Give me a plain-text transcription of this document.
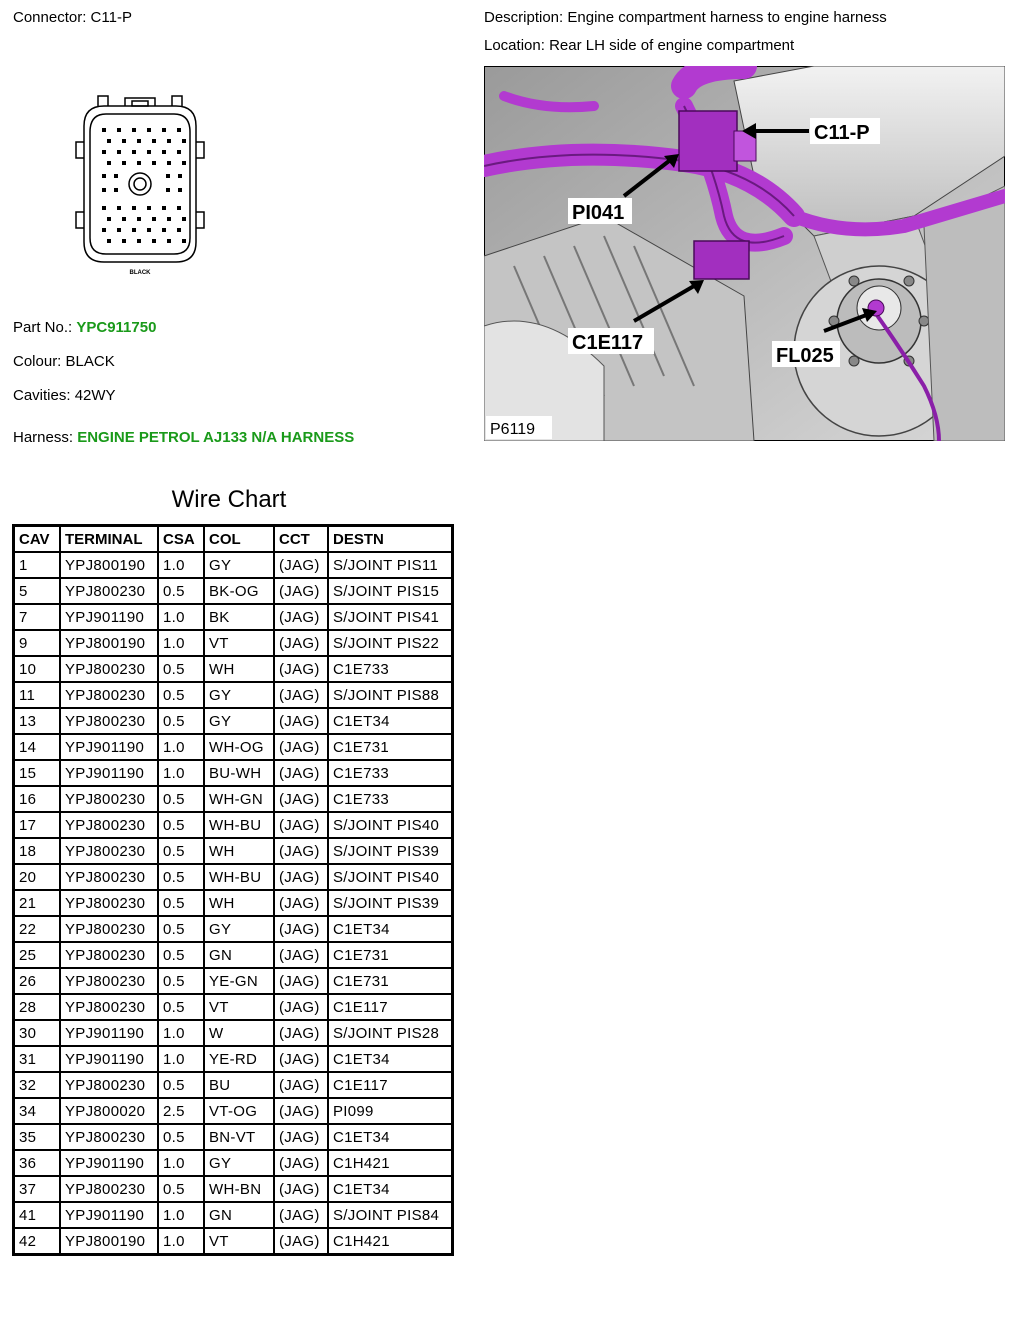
Connector: C11-P	Description: Engine compartment harness to engine harness
Location: Rear LH side of engine compartment
BLACK
Part No.: YPC911750
Colour: BLACK
Cavities: 42WY
Harness: ENGINE PETROL AJ133 N/A HARNESS
C11-P
PI041
C1E117
FL025
P6119
Wire Chart
CAV	TERMINAL	CSA	COL	CCT	DESTN
1	YPJ800190	1.0	GY	(JAG)	S/JOINT PIS11
5	YPJ800230	0.5	BK-OG	(JAG)	S/JOINT PIS15
7	YPJ901190	1.0	BK	(JAG)	S/JOINT PIS41
9	YPJ800190	1.0	VT	(JAG)	S/JOINT PIS22
10	YPJ800230	0.5	WH	(JAG)	C1E733
11	YPJ800230	0.5	GY	(JAG)	S/JOINT PIS88
13	YPJ800230	0.5	GY	(JAG)	C1ET34
14	YPJ901190	1.0	WH-OG	(JAG)	C1E731
15	YPJ901190	1.0	BU-WH	(JAG)	C1E733
16	YPJ800230	0.5	WH-GN	(JAG)	C1E733
17	YPJ800230	0.5	WH-BU	(JAG)	S/JOINT PIS40
18	YPJ800230	0.5	WH	(JAG)	S/JOINT PIS39
20	YPJ800230	0.5	WH-BU	(JAG)	S/JOINT PIS40
21	YPJ800230	0.5	WH	(JAG)	S/JOINT PIS39
22	YPJ800230	0.5	GY	(JAG)	C1ET34
25	YPJ800230	0.5	GN	(JAG)	C1E731
26	YPJ800230	0.5	YE-GN	(JAG)	C1E731
28	YPJ800230	0.5	VT	(JAG)	C1E117
30	YPJ901190	1.0	W	(JAG)	S/JOINT PIS28
31	YPJ901190	1.0	YE-RD	(JAG)	C1ET34
32	YPJ800230	0.5	BU	(JAG)	C1E117
34	YPJ800020	2.5	VT-OG	(JAG)	PI099
35	YPJ800230	0.5	BN-VT	(JAG)	C1ET34
36	YPJ901190	1.0	GY	(JAG)	C1H421
37	YPJ800230	0.5	WH-BN	(JAG)	C1ET34
41	YPJ901190	1.0	GN	(JAG)	S/JOINT PIS84
42	YPJ800190	1.0	VT	(JAG)	C1H421
